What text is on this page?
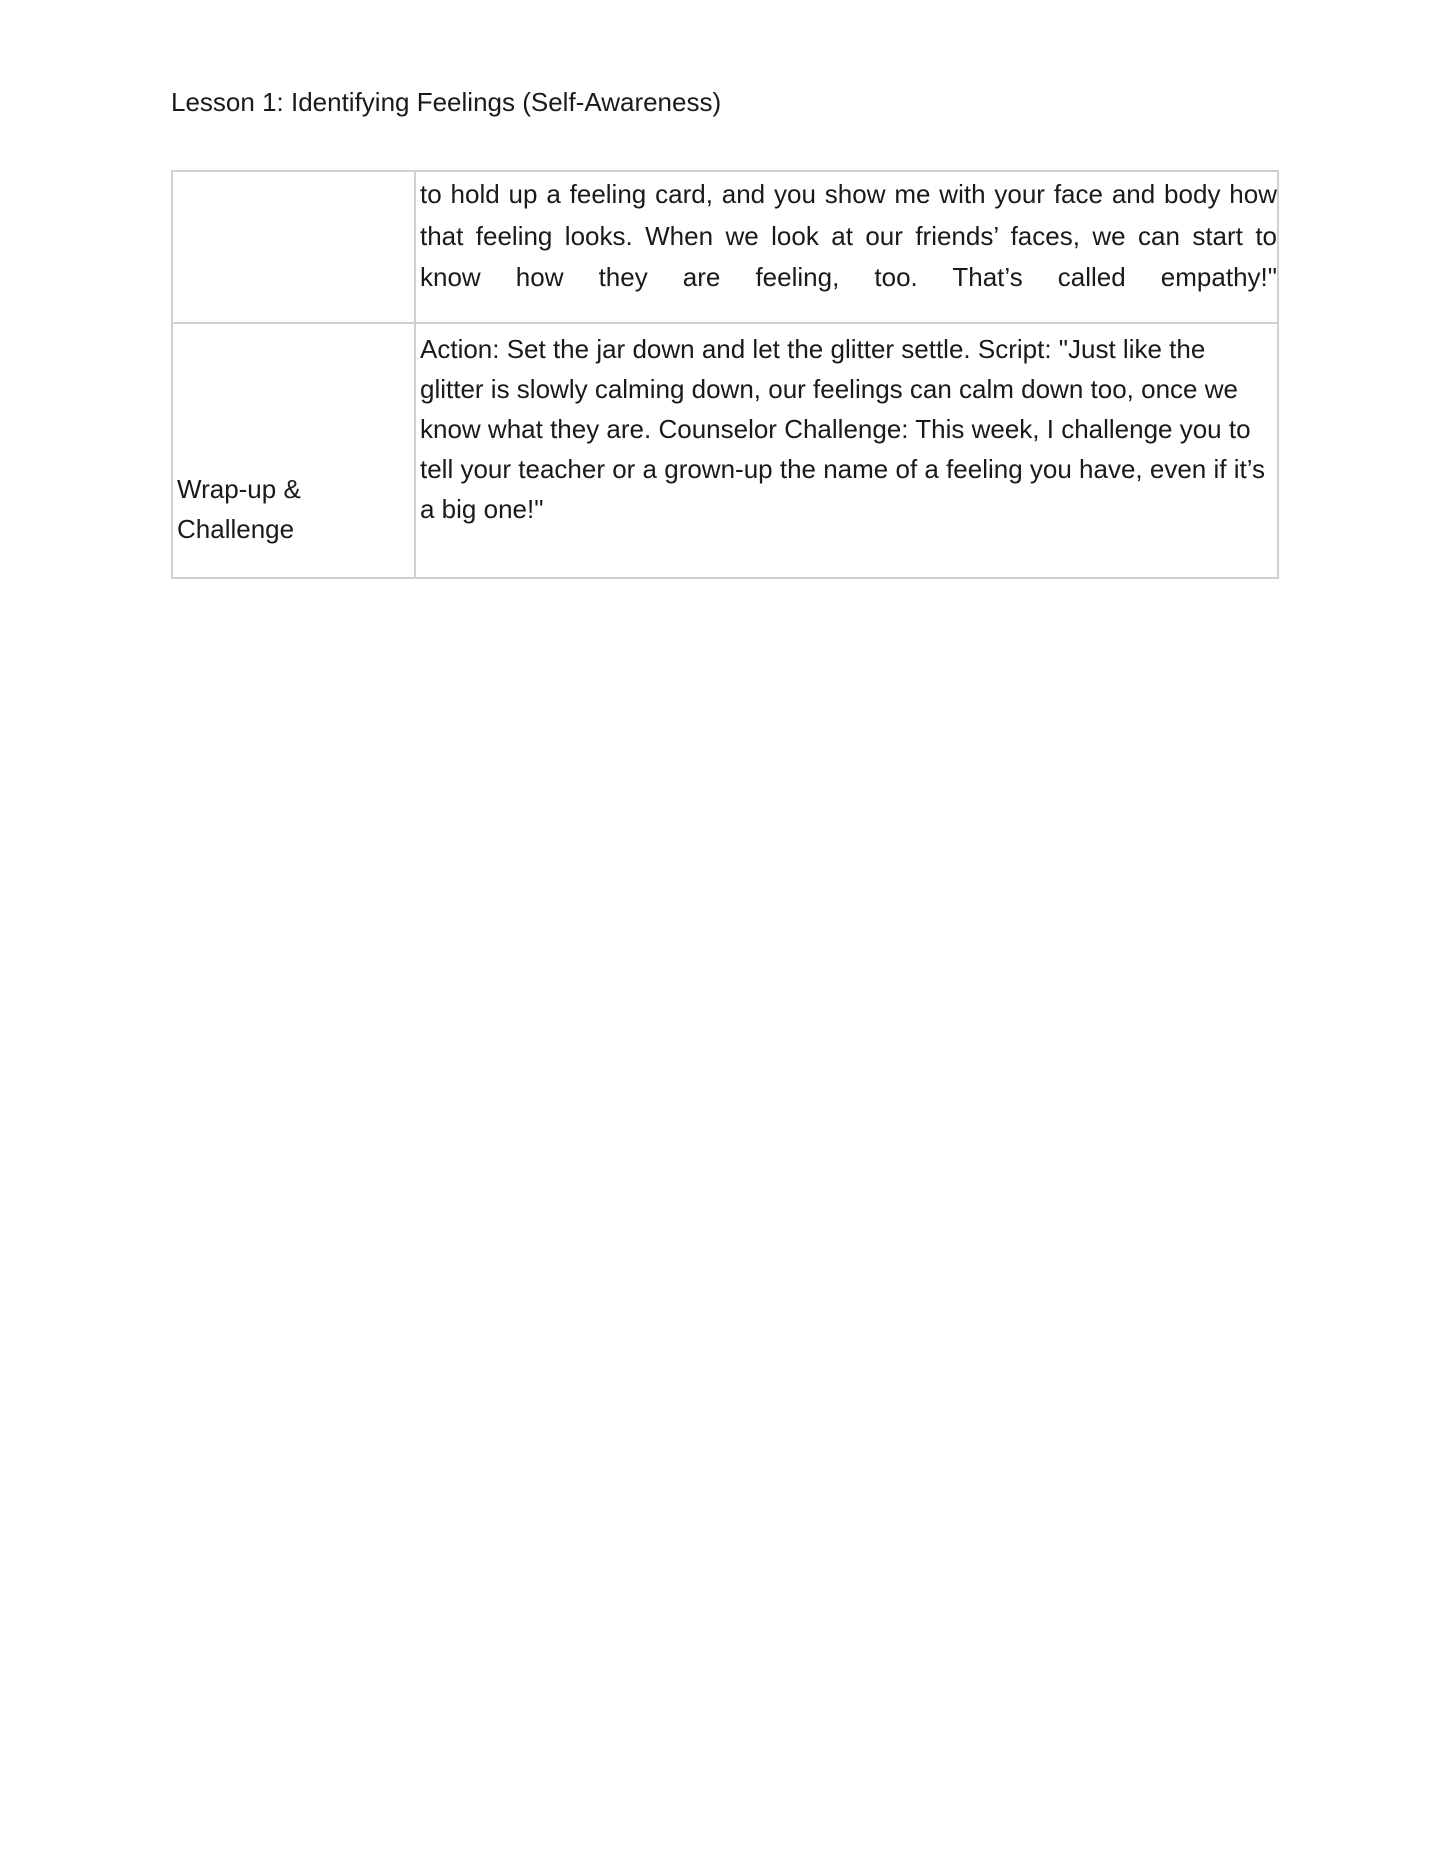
Lesson 1: Identifying Feelings (Self-Awareness)

	to hold up a feeling card, and you show me with your face and body how that feeling looks. When we look at our friends’ faces, we can start to know how they are feeling, too. That’s called empathy!"

Wrap-up & Challenge	Action: Set the jar down and let the glitter settle. Script: "Just like the glitter is slowly calming down, our feelings can calm down too, once we know what they are. Counselor Challenge: This week, I challenge you to tell your teacher or a grown-up the name of a feeling you have, even if it’s a big one!"
